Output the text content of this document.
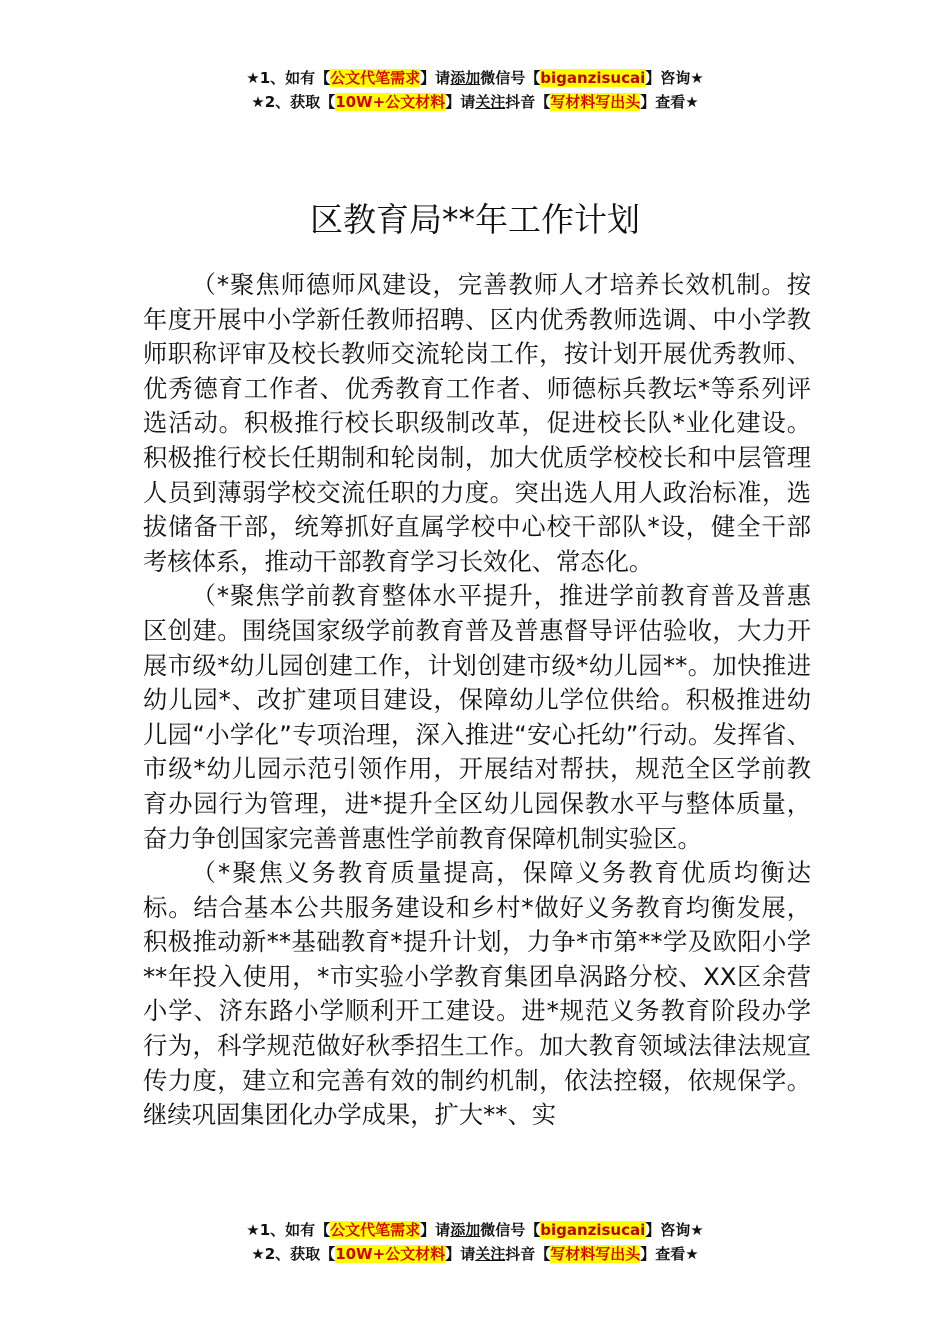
★1、如有【公文代笔需求】请添加微信号【biganzisucai】咨询★
★2、获取【10W+公文材料】请关注抖音【写材料写出头】查看★
区教育局**年工作计划

（*聚焦师德师风建设，完善教师人才培养长效机制。按年度开展中小学新任教师招聘、区内优秀教师选调、中小学教师职称评审及校长教师交流轮岗工作，按计划开展优秀教师、优秀德育工作者、优秀教育工作者、师德标兵教坛*等系列评选活动。积极推行校长职级制改革，促进校长队*业化建设。积极推行校长任期制和轮岗制，加大优质学校校长和中层管理人员到薄弱学校交流任职的力度。突出选人用人政治标准，选拔储备干部，统筹抓好直属学校中心校干部队*设，健全干部考核体系，推动干部教育学习长效化、常态化。

（*聚焦学前教育整体水平提升，推进学前教育普及普惠区创建。围绕国家级学前教育普及普惠督导评估验收，大力开展市级*幼儿园创建工作，计划创建市级*幼儿园**。加快推进幼儿园*、改扩建项目建设，保障幼儿学位供给。积极推进幼儿园“小学化”专项治理，深入推进“安心托幼”行动。发挥省、市级*幼儿园示范引领作用，开展结对帮扶，规范全区学前教育办园行为管理，进*提升全区幼儿园保教水平与整体质量，奋力争创国家完善普惠性学前教育保障机制实验区。

（*聚焦义务教育质量提高，保障义务教育优质均衡达标。结合基本公共服务建设和乡村*做好义务教育均衡发展，积极推动新**基础教育*提升计划，力争*市第**学及欧阳小学**年投入使用，*市实验小学教育集团阜涡路分校、XX区余营小学、济东路小学顺利开工建设。进*规范义务教育阶段办学行为，科学规范做好秋季招生工作。加大教育领域法律法规宣传力度，建立和完善有效的制约机制，依法控辍，依规保学。继续巩固集团化办学成果，扩大**、实

★1、如有【公文代笔需求】请添加微信号【biganzisucai】咨询★
★2、获取【10W+公文材料】请关注抖音【写材料写出头】查看★
